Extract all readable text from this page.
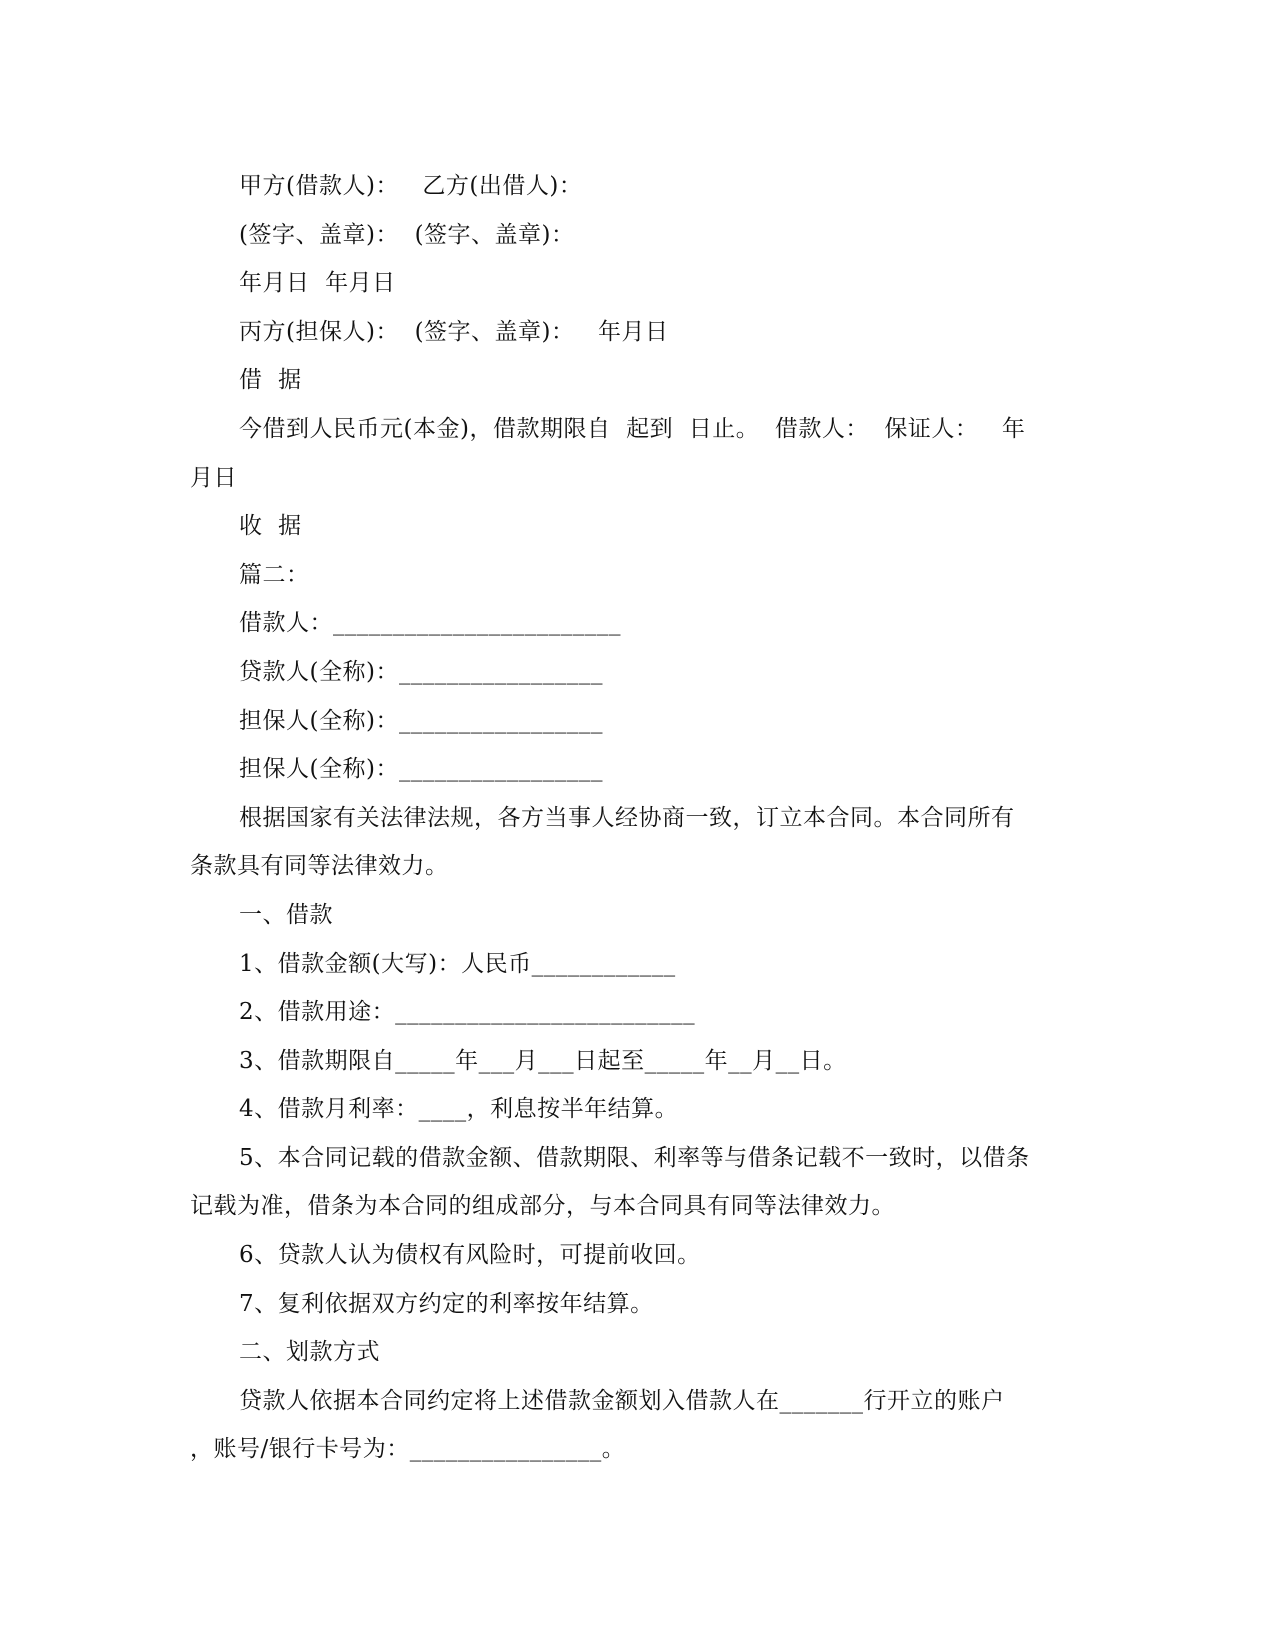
甲方(借款人)：   乙方(出借人)：
(签字、盖章)：  (签字、盖章)：
年月日  年月日
丙方(担保人)：  (签字、盖章)：   年月日
借  据
今借到人民币元(本金)，借款期限自  起到  日止。  借款人：  保证人：   年
月日
收  据
篇二：
借款人：________________________
贷款人(全称)：_________________
担保人(全称)：_________________
担保人(全称)：_________________
根据国家有关法律法规，各方当事人经协商一致，订立本合同。本合同所有
条款具有同等法律效力。
一、借款
1、借款金额(大写)：人民币____________
2、借款用途：_________________________
3、借款期限自_____年___月___日起至_____年__月__日。
4、借款月利率：____，利息按半年结算。
5、本合同记载的借款金额、借款期限、利率等与借条记载不一致时，以借条
记载为准，借条为本合同的组成部分，与本合同具有同等法律效力。
6、贷款人认为债权有风险时，可提前收回。
7、复利依据双方约定的利率按年结算。
二、划款方式
贷款人依据本合同约定将上述借款金额划入借款人在_______行开立的账户
，账号/银行卡号为：________________。
